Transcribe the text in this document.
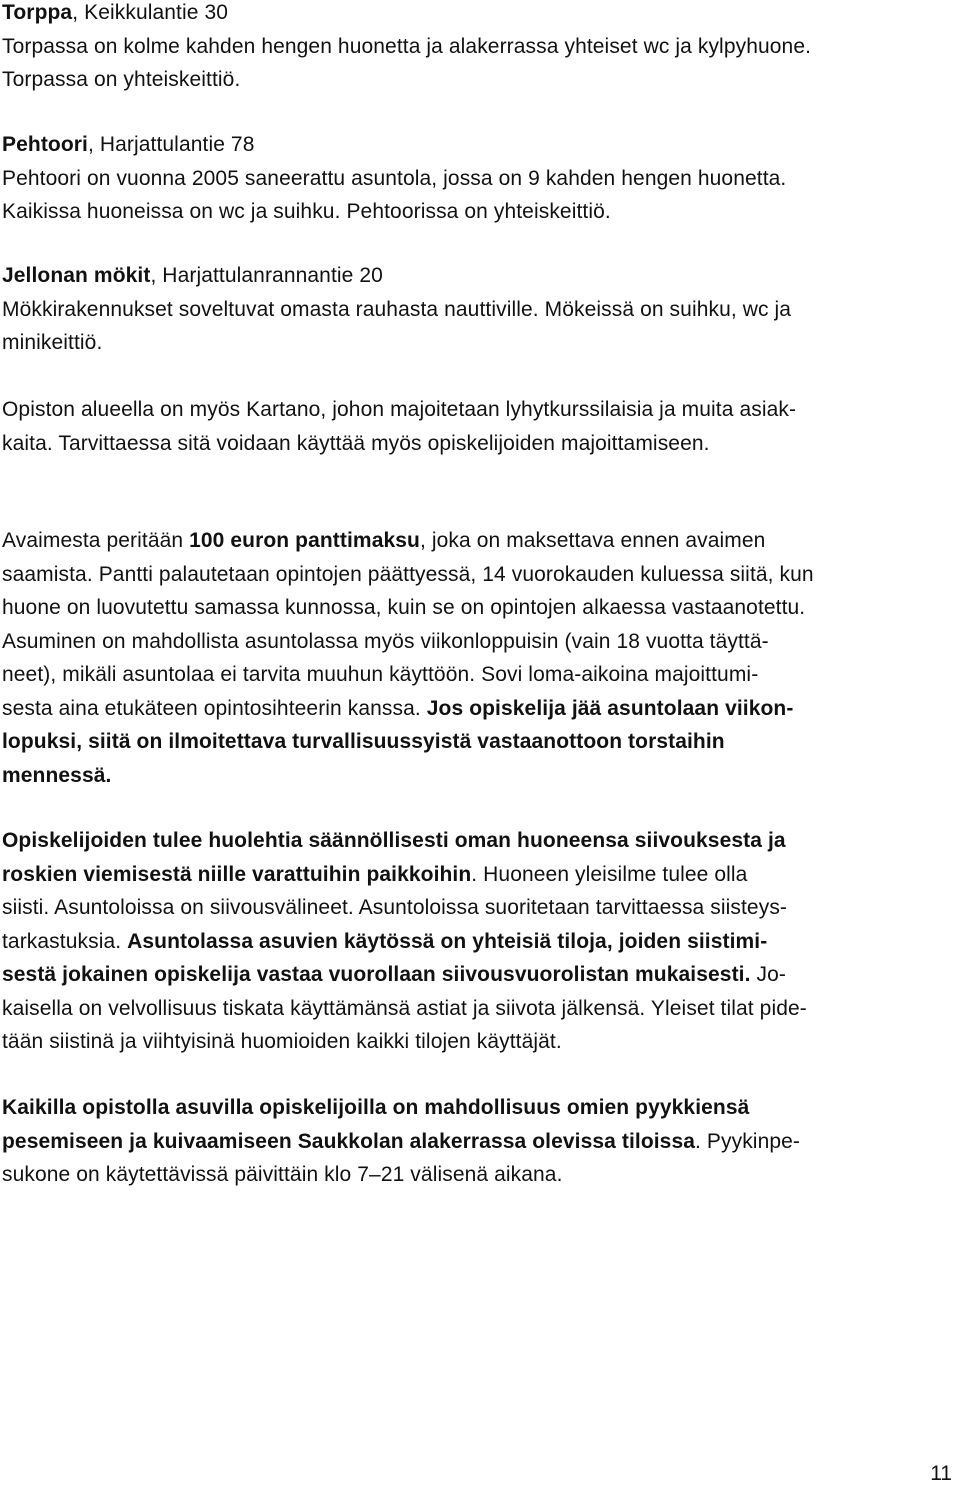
Torppa, Keikkulantie 30
Torpassa on kolme kahden hengen huonetta ja alakerrassa yhteiset wc ja kylpyhuone.
Torpassa on yhteiskeittiö.
Pehtoori, Harjattulantie 78
Pehtoori on vuonna 2005 saneerattu asuntola, jossa on 9 kahden hengen huonetta.
Kaikissa huoneissa on wc ja suihku. Pehtoorissa on yhteiskeittiö.
Jellonan mökit, Harjattulanrannantie 20
Mökkirakennukset soveltuvat omasta rauhasta nauttiville. Mökeissä on suihku, wc ja
minikeittiö.
Opiston alueella on myös Kartano, johon majoitetaan lyhytkurssilaisia ja muita asiak-
kaita. Tarvittaessa sitä voidaan käyttää myös opiskelijoiden majoittamiseen.
Avaimesta peritään 100 euron panttimaksu, joka on maksettava ennen avaimen
saamista. Pantti palautetaan opintojen päättyessä, 14 vuorokauden kuluessa siitä, kun
huone on luovutettu samassa kunnossa, kuin se on opintojen alkaessa vastaanotettu.
Asuminen on mahdollista asuntolassa myös viikonloppuisin (vain 18 vuotta täyttä-
neet), mikäli asuntolaa ei tarvita muuhun käyttöön. Sovi loma-aikoina majoittumi-
sesta aina etukäteen opintosihteerin kanssa. Jos opiskelija jää asuntolaan viikon-
lopuksi, siitä on ilmoitettava turvallisuussyistä vastaanottoon torstaihin
mennessä.
Opiskelijoiden tulee huolehtia säännöllisesti oman huoneensa siivouksesta ja
roskien viemisestä niille varattuihin paikkoihin. Huoneen yleisilme tulee olla
siisti. Asuntoloissa on siivousvälineet. Asuntoloissa suoritetaan tarvittaessa siisteys-
tarkastuksia. Asuntolassa asuvien käytössä on yhteisiä tiloja, joiden siistimi-
sestä jokainen opiskelija vastaa vuorollaan siivousvuorolistan mukaisesti. Jo-
kaisella on velvollisuus tiskata käyttämänsä astiat ja siivota jälkensä. Yleiset tilat pide-
tään siistinä ja viihtyisinä huomioiden kaikki tilojen käyttäjät.
Kaikilla opistolla asuvilla opiskelijoilla on mahdollisuus omien pyykkiensä
pesemiseen ja kuivaamiseen Saukkolan alakerrassa olevissa tiloissa. Pyykinpe-
sukone on käytettävissä päivittäin klo 7–21 välisenä aikana.
11
